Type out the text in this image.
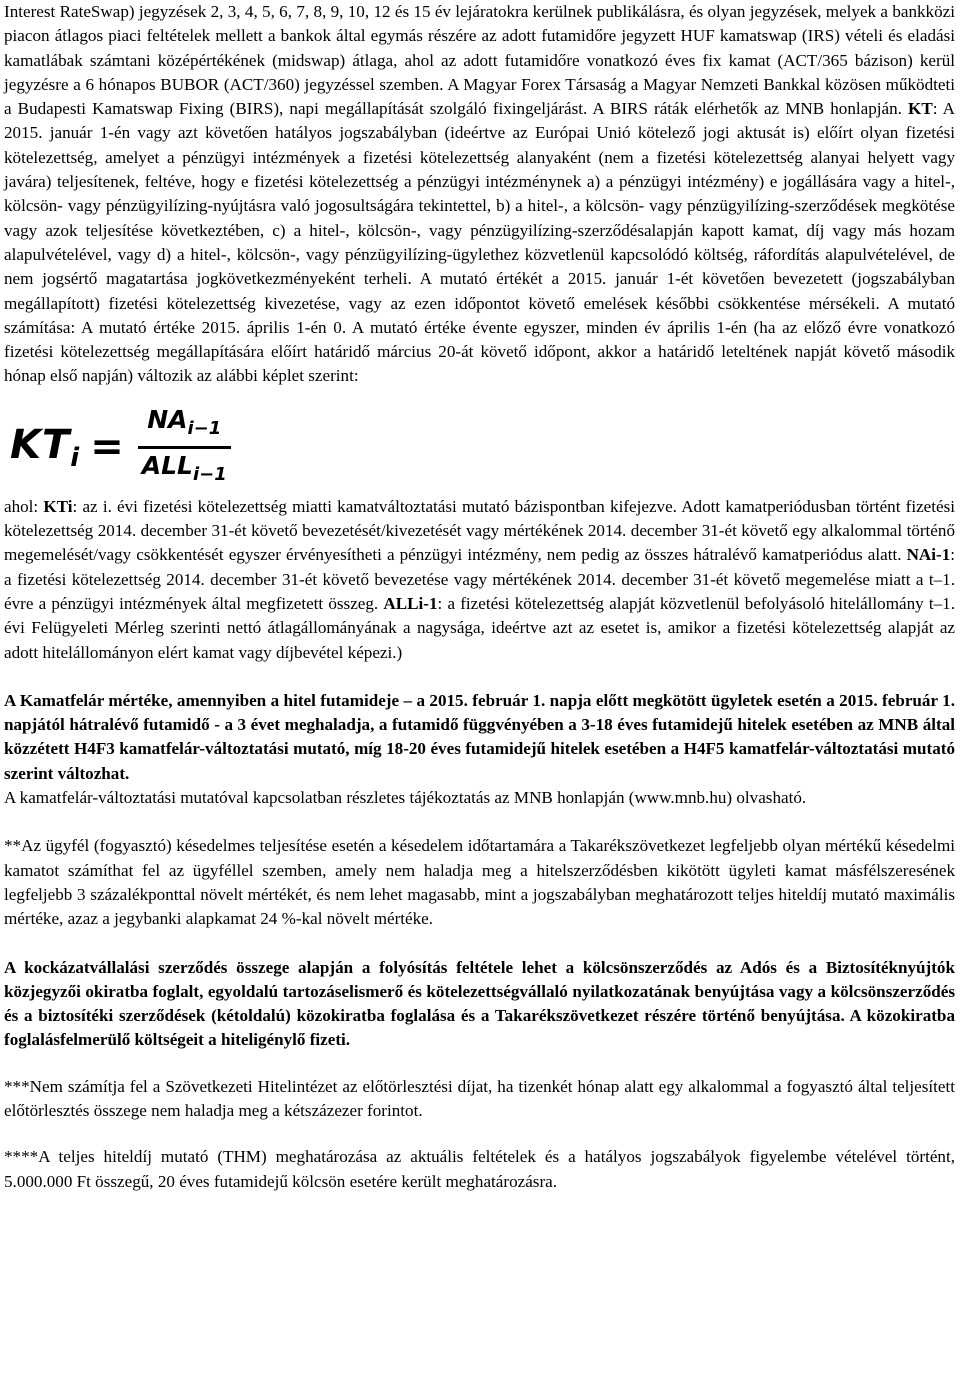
Interest RateSwap) jegyzések 2, 3, 4, 5, 6, 7, 8, 9, 10, 12 és 15 év lejáratokra kerülnek publikálásra, és olyan jegyzések, melyek a bankközi piacon átlagos piaci feltételek mellett a bankok által egymás részére az adott futamidőre jegyzett HUF kamatswap (IRS) vételi és eladási kamatlábak számtani középértékének (midswap) átlaga, ahol az adott futamidőre vonatkozó éves fix kamat (ACT/365 bázison) kerül jegyzésre a 6 hónapos BUBOR (ACT/360) jegyzéssel szemben. A Magyar Forex Társaság a Magyar Nemzeti Bankkal közösen működteti a Budapesti Kamatswap Fixing (BIRS), napi megállapítását szolgáló fixingeljárást. A BIRS ráták elérhetők az MNB honlapján. KT: A 2015. január 1-én vagy azt követően hatályos jogszabályban (ideértve az Európai Unió kötelező jogi aktusát is) előírt olyan fizetési kötelezettség, amelyet a pénzügyi intézmények a fizetési kötelezettség alanyaként (nem a fizetési kötelezettség alanyai helyett vagy javára) teljesítenek, feltéve, hogy e fizetési kötelezettség a pénzügyi intézménynek a) a pénzügyi intézmény) e jogállására vagy a hitel-, kölcsön- vagy pénzügyilízing-nyújtásra való jogosultságára tekintettel, b) a hitel-, a kölcsön- vagy pénzügyilízing-szerződések megkötése vagy azok teljesítése következtében, c) a hitel-, kölcsön-, vagy pénzügyilízing-szerződésalapján kapott kamat, díj vagy más hozam alapulvételével, vagy d) a hitel-, kölcsön-, vagy pénzügyilízing-ügylethez közvetlenül kapcsolódó költség, ráfordítás alapulvételével, de nem jogsértő magatartása jogkövetkezményeként terheli. A mutató értékét a 2015. január 1-ét követően bevezetett (jogszabályban megállapított) fizetési kötelezettség kivezetése, vagy az ezen időpontot követő emelések későbbi csökkentése mérsékeli. A mutató számítása: A mutató értéke 2015. április 1-én 0. A mutató értéke évente egyszer, minden év április 1-én (ha az előző évre vonatkozó fizetési kötelezettség megállapítására előírt határidő március 20-át követő időpont, akkor a határidő leteltének napját követő második hónap első napján) változik az alábbi képlet szerint:

$KT_i = \frac{NA_{i-1}}{ALL_{i-1}}$

ahol: KTi: az i. évi fizetési kötelezettség miatti kamatváltoztatási mutató bázispontban kifejezve. Adott kamatperiódusban történt fizetési kötelezettség 2014. december 31-ét követő bevezetését/kivezetését vagy mértékének 2014. december 31-ét követő egy alkalommal történő megemelését/vagy csökkentését egyszer érvényesítheti a pénzügyi intézmény, nem pedig az összes hátralévő kamatperiódus alatt. NAi-1: a fizetési kötelezettség 2014. december 31-ét követő bevezetése vagy mértékének 2014. december 31-ét követő megemelése miatt a t–1. évre a pénzügyi intézmények által megfizetett összeg. ALLi-1: a fizetési kötelezettség alapját közvetlenül befolyásoló hitelállomány t–1. évi Felügyeleti Mérleg szerinti nettó átlagállományának a nagysága, ideértve azt az esetet is, amikor a fizetési kötelezettség alapját az adott hitelállományon elért kamat vagy díjbevétel képezi.)

A Kamatfelár mértéke, amennyiben a hitel futamideje – a 2015. február 1. napja előtt megkötött ügyletek esetén a 2015. február 1. napjától hátralévő futamidő - a 3 évet meghaladja, a futamidő függvényében a 3-18 éves futamidejű hitelek esetében az MNB által közzétett H4F3 kamatfelár-változtatási mutató, míg 18-20 éves futamidejű hitelek esetében a H4F5 kamatfelár-változtatási mutató szerint változhat.
A kamatfelár-változtatási mutatóval kapcsolatban részletes tájékoztatás az MNB honlapján (www.mnb.hu) olvasható.

**Az ügyfél (fogyasztó) késedelmes teljesítése esetén a késedelem időtartamára a Takarékszövetkezet legfeljebb olyan mértékű késedelmi kamatot számíthat fel az ügyféllel szemben, amely nem haladja meg a hitelszerződésben kikötött ügyleti kamat másfélszeresének legfeljebb 3 százalékponttal növelt mértékét, és nem lehet magasabb, mint a jogszabályban meghatározott teljes hiteldíj mutató maximális mértéke, azaz a jegybanki alapkamat 24 %-kal növelt mértéke.

A kockázatvállalási szerződés összege alapján a folyósítás feltétele lehet a kölcsönszerződés az Adós és a Biztosítéknyújtók közjegyzői okiratba foglalt, egyoldalú tartozáselismerő és kötelezettségvállaló nyilatkozatának benyújtása vagy a kölcsönszerződés és a biztosítéki szerződések (kétoldalú) közokiratba foglalása és a Takarékszövetkezet részére történő benyújtása. A közokiratba foglalásfelmerülő költségeit a hiteligénylő fizeti.

***Nem számítja fel a Szövetkezeti Hitelintézet az előtörlesztési díjat, ha tizenkét hónap alatt egy alkalommal a fogyasztó által teljesített előtörlesztés összege nem haladja meg a kétszázezer forintot.

****A teljes hiteldíj mutató (THM) meghatározása az aktuális feltételek és a hatályos jogszabályok figyelembe vételével történt, 5.000.000 Ft összegű, 20 éves futamidejű kölcsön esetére került meghatározásra.
